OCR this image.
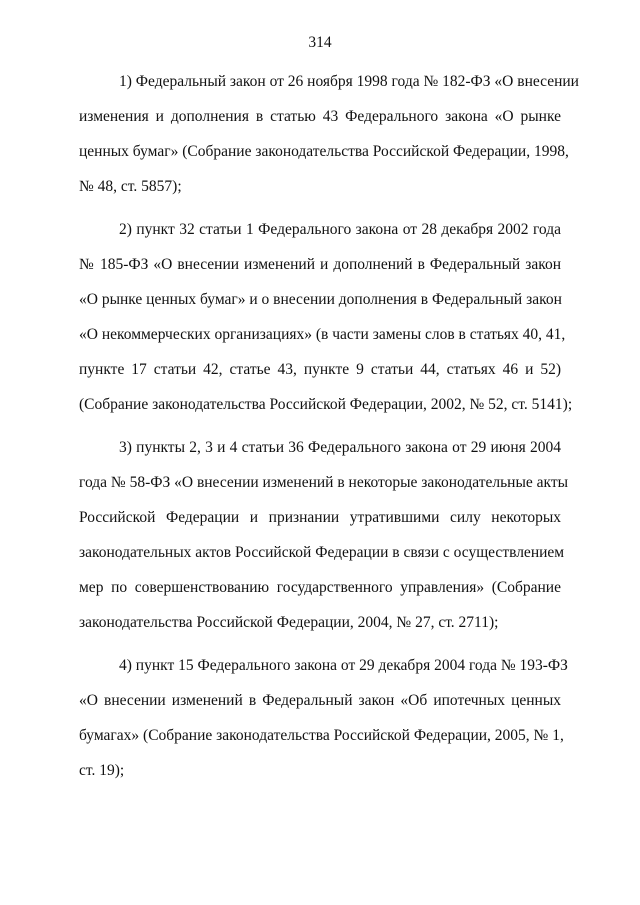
314
1) Федеральный закон от 26 ноября 1998 года № 182-ФЗ «О внесении
изменения и дополнения в статью 43 Федерального закона «О рынке
ценных бумаг» (Собрание законодательства Российской Федерации, 1998,
№ 48, ст. 5857);
2) пункт 32 статьи 1 Федерального закона от 28 декабря 2002 года
№ 185-ФЗ «О внесении изменений и дополнений в Федеральный закон
«О рынке ценных бумаг» и о внесении дополнения в Федеральный закон
«О некоммерческих организациях» (в части замены слов в статьях 40, 41,
пункте 17 статьи 42, статье 43, пункте 9 статьи 44, статьях 46 и 52)
(Собрание законодательства Российской Федерации, 2002, № 52, ст. 5141);
3) пункты 2, 3 и 4 статьи 36 Федерального закона от 29 июня 2004
года № 58-ФЗ «О внесении изменений в некоторые законодательные акты
Российской Федерации и признании утратившими силу некоторых
законодательных актов Российской Федерации в связи с осуществлением
мер по совершенствованию государственного управления» (Собрание
законодательства Российской Федерации, 2004, № 27, ст. 2711);
4) пункт 15 Федерального закона от 29 декабря 2004 года № 193-ФЗ
«О внесении изменений в Федеральный закон «Об ипотечных ценных
бумагах» (Собрание законодательства Российской Федерации, 2005, № 1,
ст. 19);
